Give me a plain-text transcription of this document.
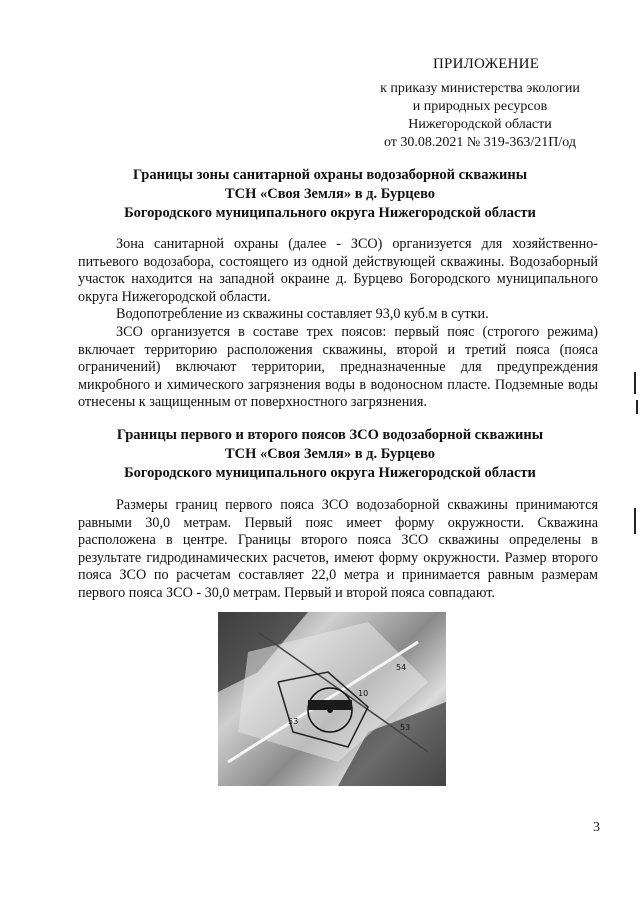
ПРИЛОЖЕНИЕ
к приказу министерства экологии
и природных ресурсов
Нижегородской области
от 30.08.2021 № 319-363/21П/од
Границы зоны санитарной охраны водозаборной скважины
ТСН «Своя Земля» в д. Бурцево
Богородского муниципального округа Нижегородской области

Зона санитарной охраны (далее - ЗСО) организуется для хозяйственно-питьевого водозабора, состоящего из одной действующей скважины. Водозаборный участок находится на западной окраине д. Бурцево Богородского муниципального округа Нижегородской области.

Водопотребление из скважины составляет 93,0 куб.м в сутки.

ЗСО организуется в составе трех поясов: первый пояс (строгого режима) включает территорию расположения скважины, второй и третий пояса (пояса ограничений) включают территории, предназначенные для предупреждения микробного и химического загрязнения воды в водоносном пласте. Подземные воды отнесены к защищенным от поверхностного загрязнения.

Границы первого и второго поясов ЗСО водозаборной скважины
ТСН «Своя Земля» в д. Бурцево
Богородского муниципального округа Нижегородской области

Размеры границ первого пояса ЗСО водозаборной скважины принимаются равными 30,0 метрам. Первый пояс имеет форму окружности. Скважина расположена в центре. Границы второго пояса ЗСО скважины определены в результате гидродинамических расчетов, имеют форму окружности. Размер второго пояса ЗСО по расчетам составляет 22,0 метра и принимается равным размерам первого пояса ЗСО - 30,0 метрам. Первый и второй пояса совпадают.

53
53
10
54
3
